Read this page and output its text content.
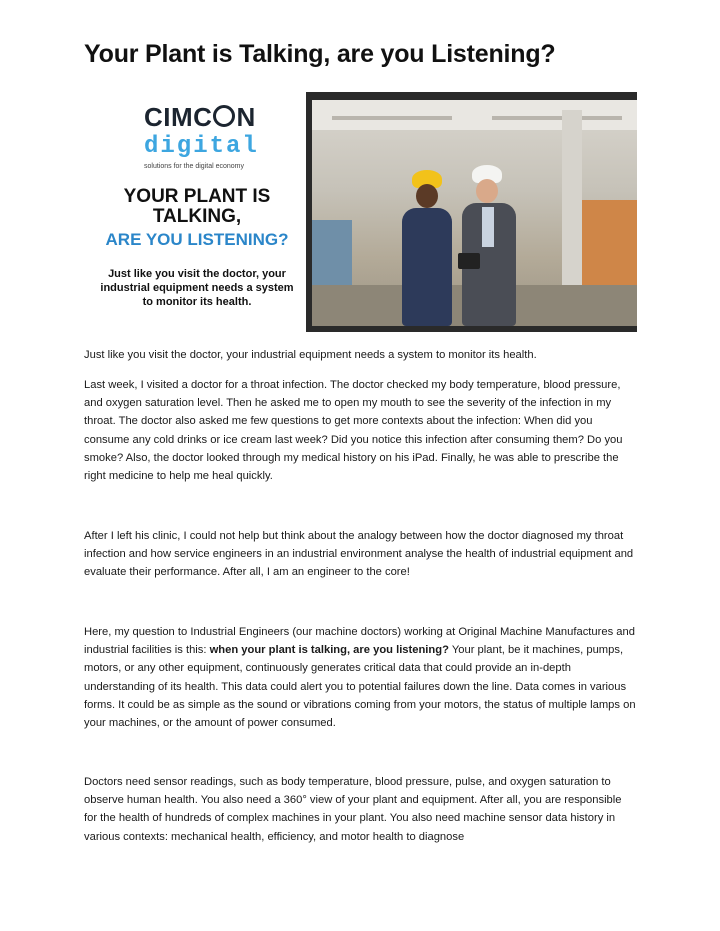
Your Plant is Talking, are you Listening?
CIMC N
digital
solutions for the digital economy
YOUR PLANT IS TALKING,
ARE YOU LISTENING?
Just like you visit the doctor, your industrial equipment needs a system to monitor its health.

Just like you visit the doctor, your industrial equipment needs a system to monitor its health.

Last week, I visited a doctor for a throat infection. The doctor checked my body temperature, blood pressure, and oxygen saturation level. Then he asked me to open my mouth to see the severity of the infection in my throat. The doctor also asked me few questions to get more contexts about the infection: When did you consume any cold drinks or ice cream last week? Did you notice this infection after consuming them? Do you smoke? Also, the doctor looked through my medical history on his iPad. Finally, he was able to prescribe the right medicine to help me heal quickly.

After I left his clinic, I could not help but think about the analogy between how the doctor diagnosed my throat infection and how service engineers in an industrial environment analyse the health of industrial equipment and evaluate their performance. After all, I am an engineer to the core!

Here, my question to Industrial Engineers (our machine doctors) working at Original Machine Manufactures and industrial facilities is this: when your plant is talking, are you listening? Your plant, be it machines, pumps, motors, or any other equipment, continuously generates critical data that could provide an in-depth understanding of its health. This data could alert you to potential failures down the line. Data comes in various forms. It could be as simple as the sound or vibrations coming from your motors, the status of multiple lamps on your machines, or the amount of power consumed.

Doctors need sensor readings, such as body temperature, blood pressure, pulse, and oxygen saturation to observe human health. You also need a 360° view of your plant and equipment. After all, you are responsible for the health of hundreds of complex machines in your plant. You also need machine sensor data history in various contexts: mechanical health, efficiency, and motor health to diagnose
